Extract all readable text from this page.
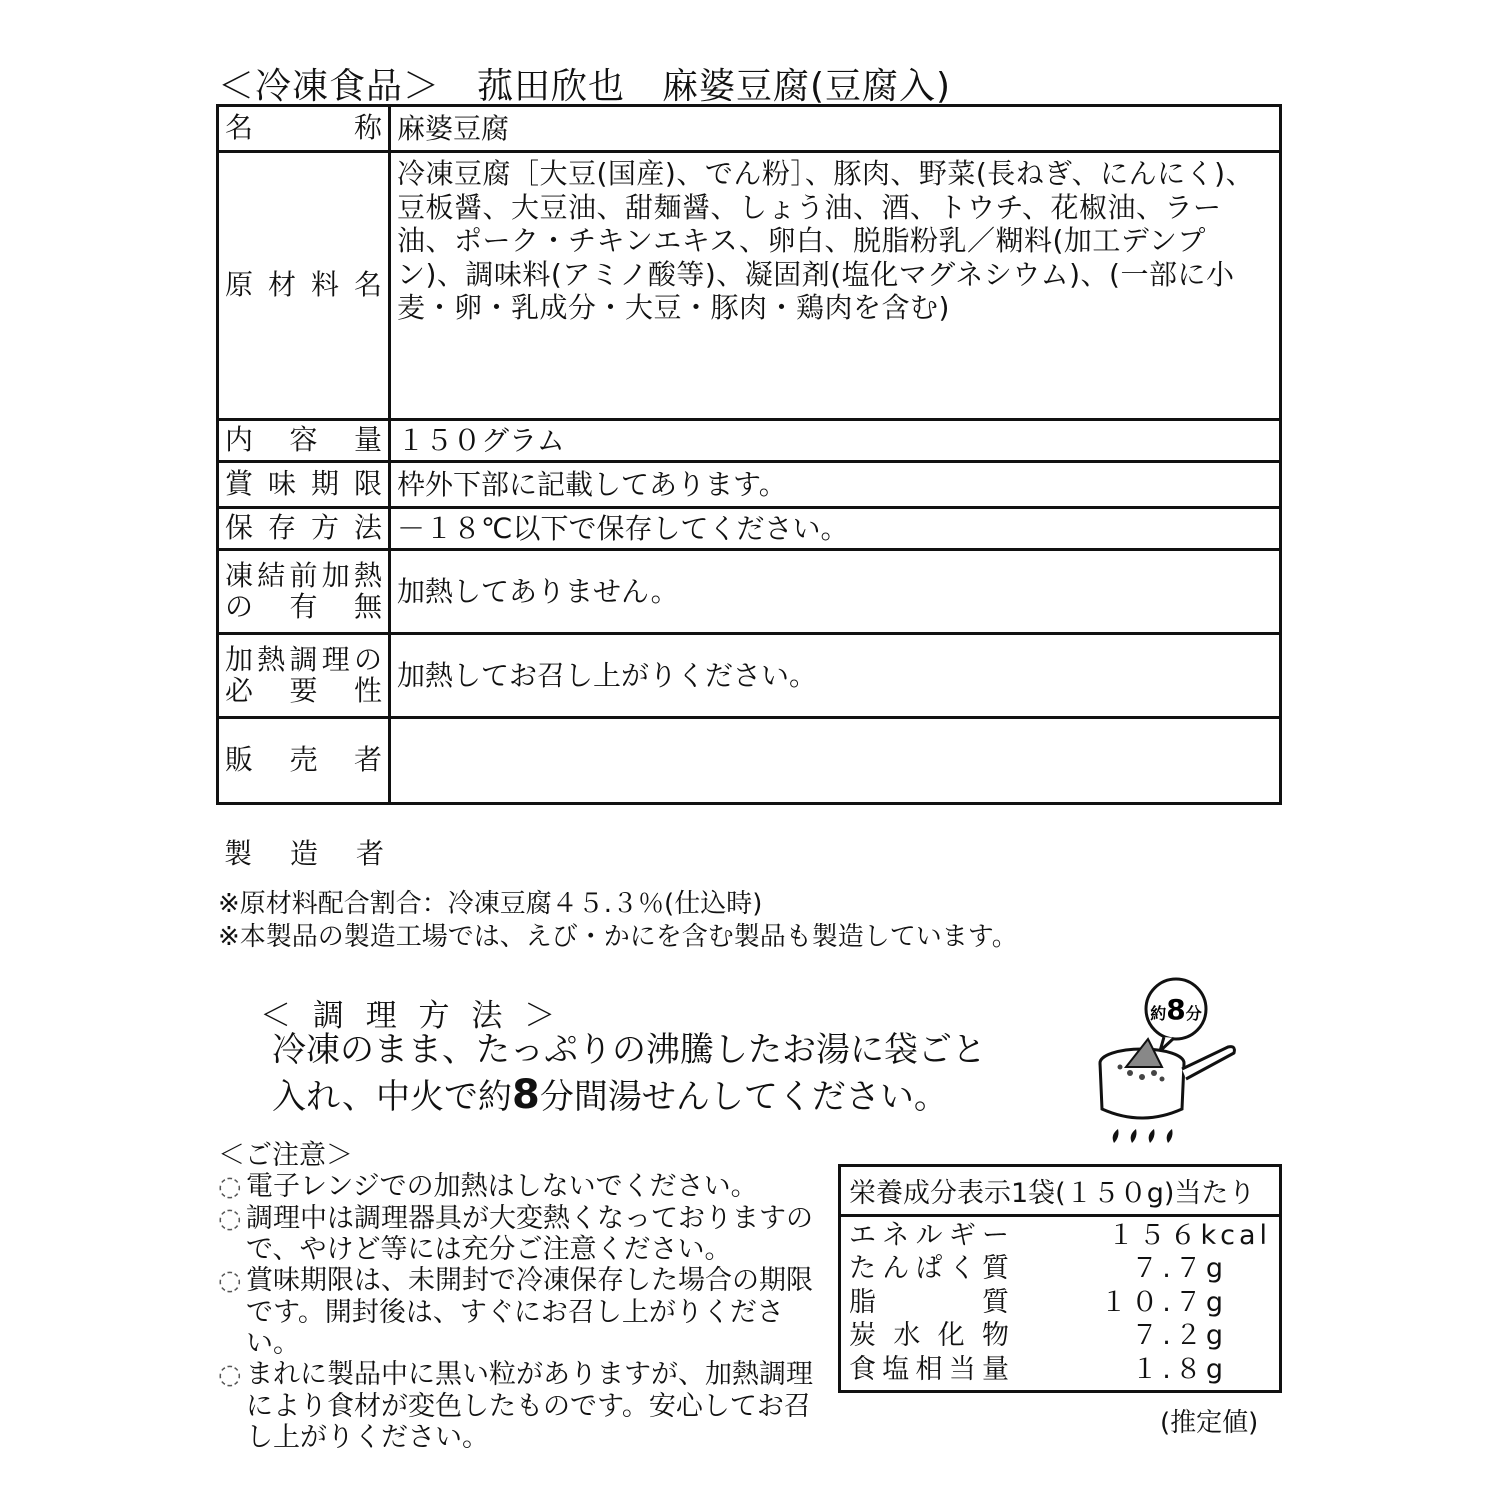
＜冷凍食品＞　菰田欣也　麻婆豆腐(豆腐入)
名　　称	麻婆豆腐

原材料名	冷凍豆腐［大豆(国産)、でん粉］、豚肉、野菜(長ねぎ、にんにく)、豆板醤、大豆油、甜麺醤、しょう油、酒、トウチ、花椒油、ラー油、ポーク・チキンエキス、卵白、脱脂粉乳／糊料(加工デンプン)、調味料(アミノ酸等)、凝固剤(塩化マグネシウム)、(一部に小麦・卵・乳成分・大豆・豚肉・鶏肉を含む)

内容量	１５０グラム

賞味期限	枠外下部に記載してあります。

保存方法	－１８℃以下で保存してください。

凍結前加熱
の有無	加熱してありません。

加熱調理の
必要性	加熱してお召し上がりください。

販売者	

製造者
※原材料配合割合：冷凍豆腐４５.３％(仕込時)
※本製品の製造工場では、えび・かにを含む製品も製造しています。
＜ 調 理 方 法 ＞
冷凍のまま、たっぷりの沸騰したお湯に袋ごと
入れ、中火で約8分間湯せんしてください。
約8分
＜ご注意＞
◌ 電子レンジでの加熱はしないでください。
◌ 調理中は調理器具が大変熱くなっておりますので、やけど等には充分ご注意ください。
◌ 賞味期限は、未開封で冷凍保存した場合の期限です。開封後は、すぐにお召し上がりください。
◌ まれに製品中に黒い粒がありますが、加熱調理により食材が変色したものです。安心してお召し上がりください。
栄養成分表示1袋(１５０g)当たり
エネルギー	１５６kcal
たんぱく質	７.７g
脂　　質	１０.７g
炭水化物	７.２g
食塩相当量	１.８g
(推定値)
